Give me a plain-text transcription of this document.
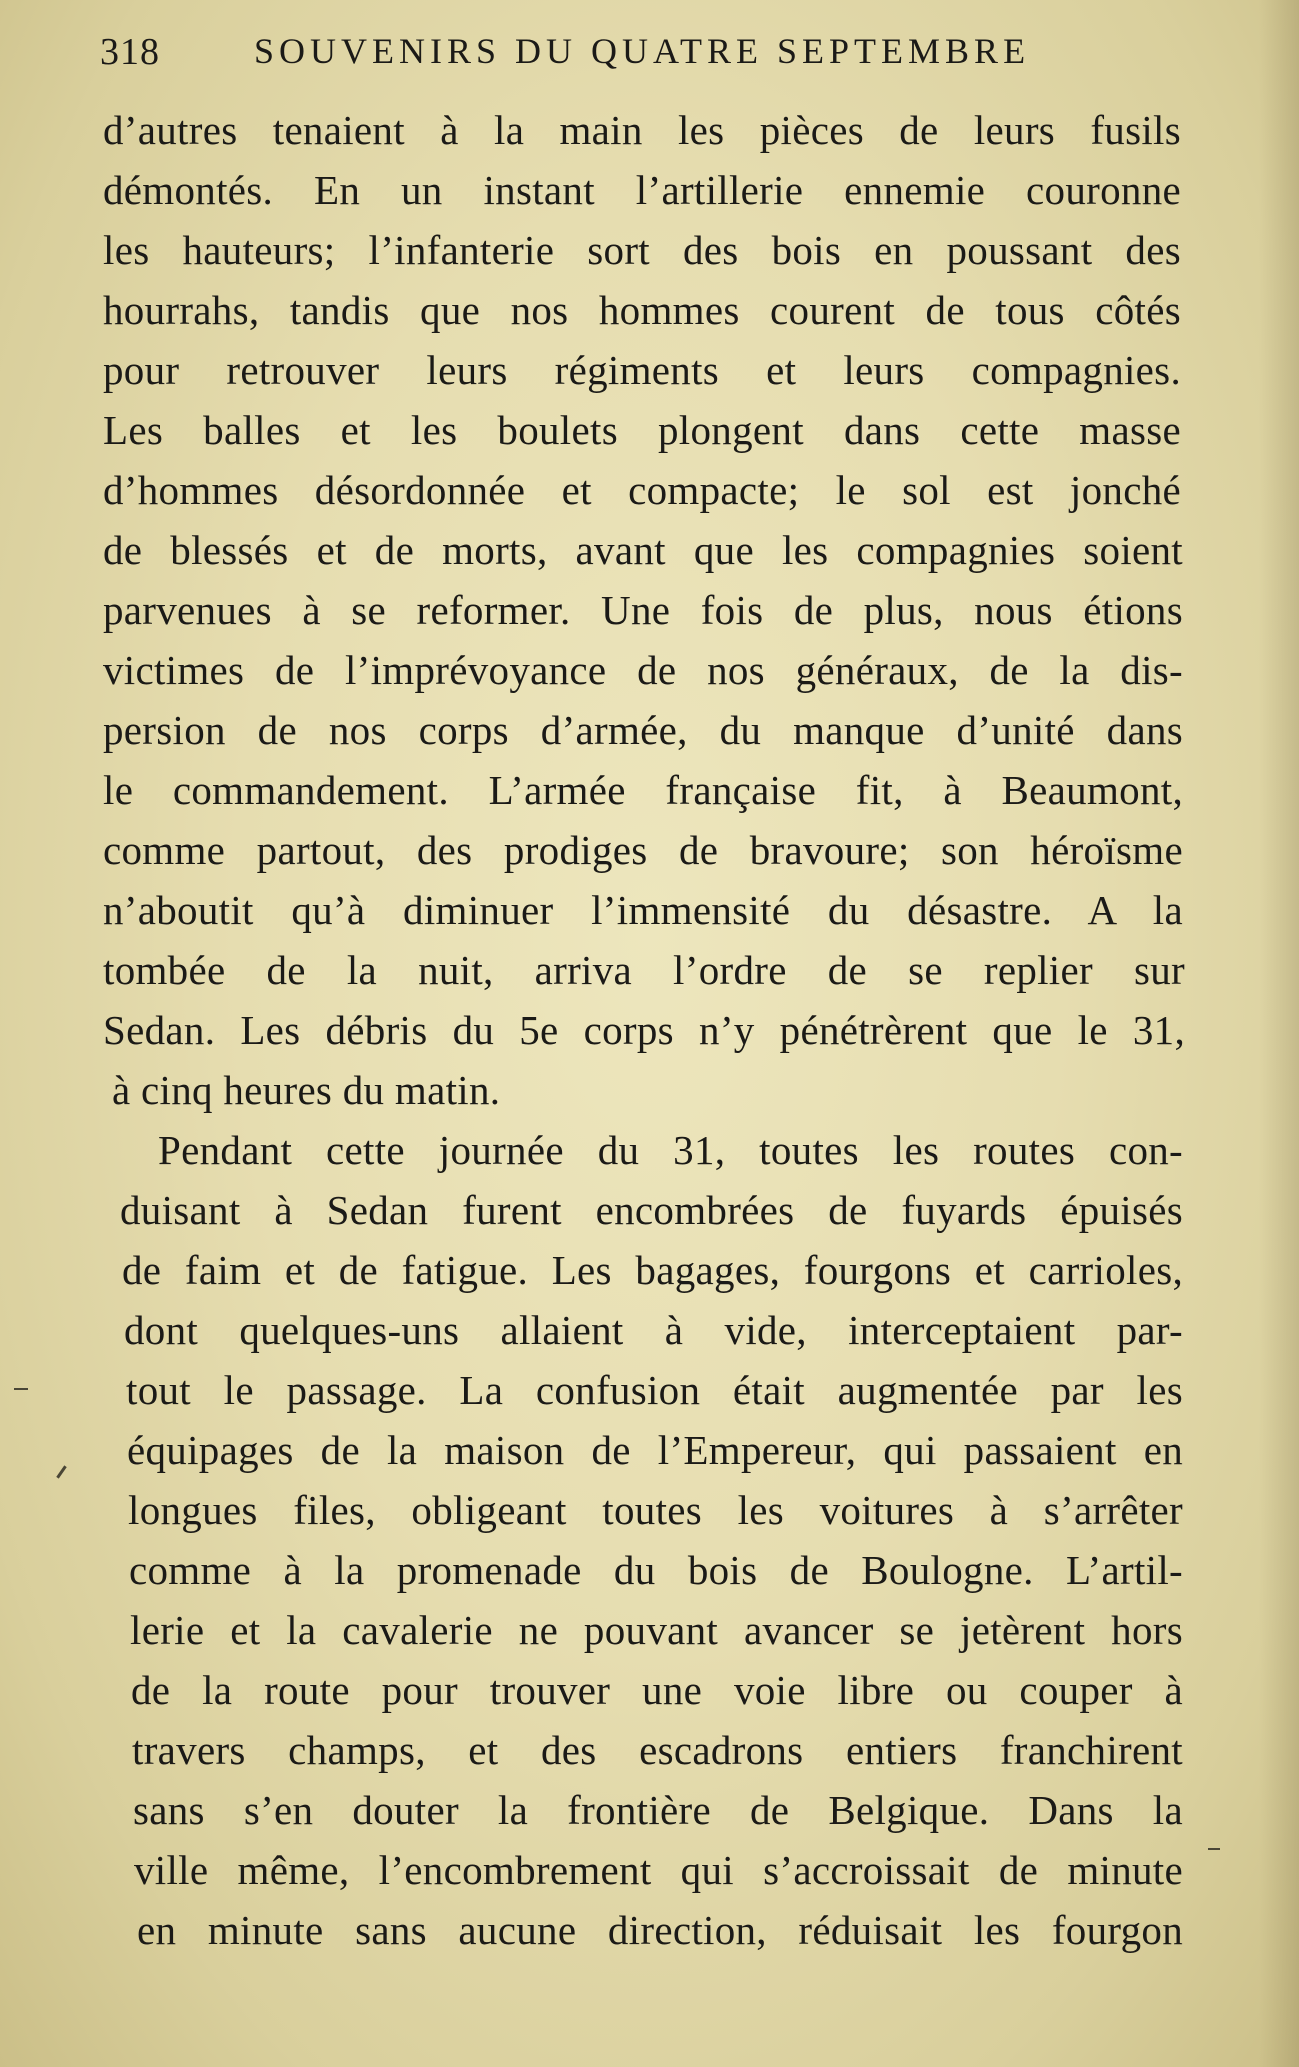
318	SOUVENIRS DU QUATRE SEPTEMBRE
d’autres tenaient à la main les pièces de leurs fusils
démontés. En un instant l’artillerie ennemie couronne
les hauteurs; l’infanterie sort des bois en poussant des
hourrahs, tandis que nos hommes courent de tous côtés
pour retrouver leurs régiments et leurs compagnies.
Les balles et les boulets plongent dans cette masse
d’hommes désordonnée et compacte; le sol est jonché
de blessés et de morts, avant que les compagnies soient
parvenues à se reformer. Une fois de plus, nous étions
victimes de l’imprévoyance de nos généraux, de la dis-
persion de nos corps d’armée, du manque d’unité dans
le commandement. L’armée française fit, à Beaumont,
comme partout, des prodiges de bravoure; son héroïsme
n’aboutit qu’à diminuer l’immensité du désastre. A la
tombée de la nuit, arriva l’ordre de se replier sur
Sedan. Les débris du 5e corps n’y pénétrèrent que le 31,
à cinq heures du matin.
Pendant cette journée du 31, toutes les routes con-
duisant à Sedan furent encombrées de fuyards épuisés
de faim et de fatigue. Les bagages, fourgons et carrioles,
dont quelques-uns allaient à vide, interceptaient par-
tout le passage. La confusion était augmentée par les
équipages de la maison de l’Empereur, qui passaient en
longues files, obligeant toutes les voitures à s’arrêter
comme à la promenade du bois de Boulogne. L’artil-
lerie et la cavalerie ne pouvant avancer se jetèrent hors
de la route pour trouver une voie libre ou couper à
travers champs, et des escadrons entiers franchirent
sans s’en douter la frontière de Belgique. Dans la
ville même, l’encombrement qui s’accroissait de minute
en minute sans aucune direction, réduisait les fourgon
